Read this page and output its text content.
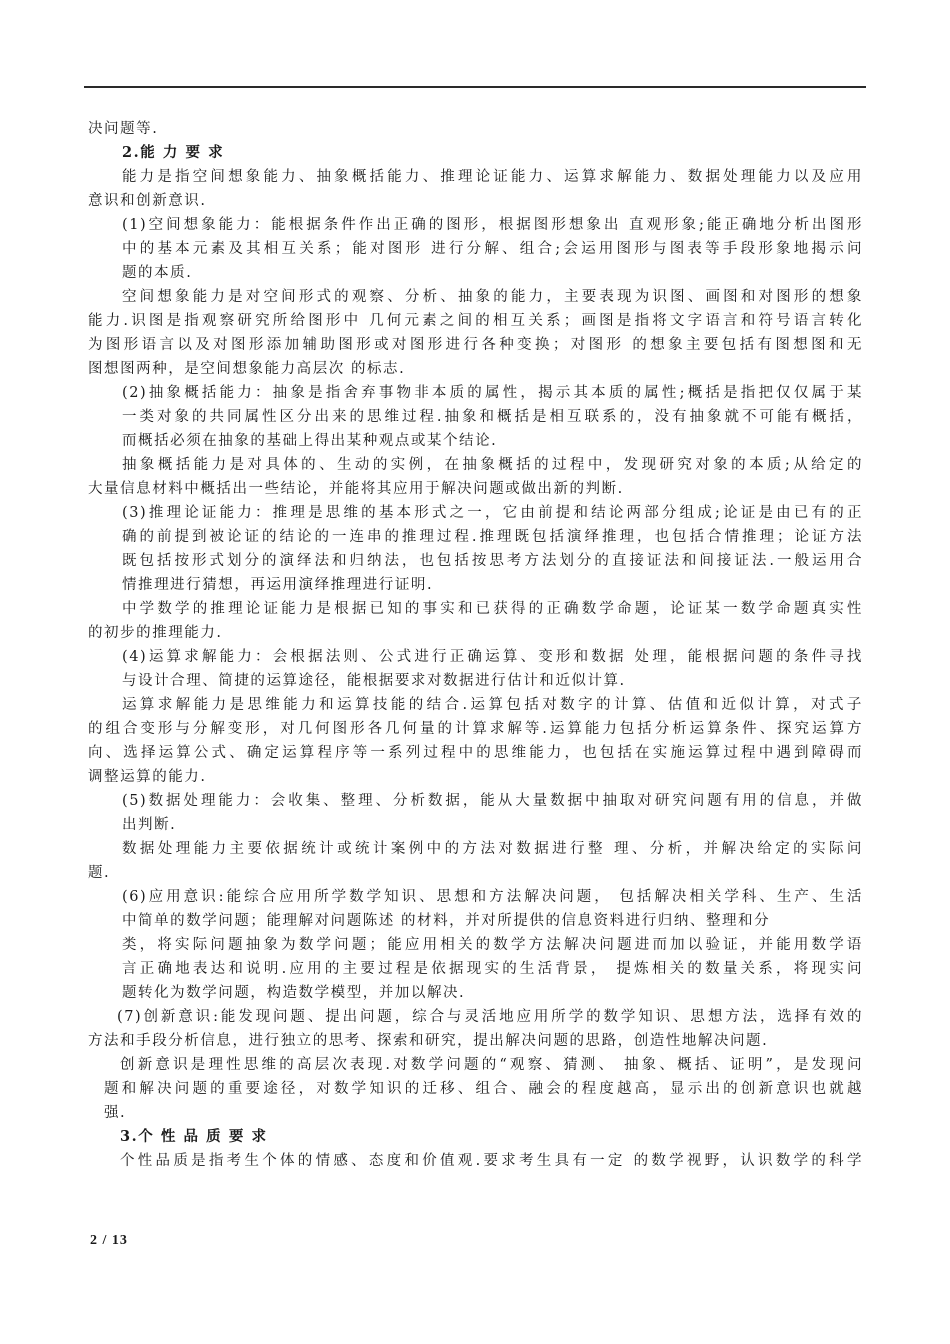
决问题等.
2.能 力 要 求
能力是指空间想象能力、抽象概括能力、推理论证能力、运算求解能力、数据处理能力以及应用
意识和创新意识.
(1)空间想象能力：能根据条件作出正确的图形，根据图形想象出 直观形象;能正确地分析出图形
中的基本元素及其相互关系；能对图形 进行分解、组合;会运用图形与图表等手段形象地揭示问
题的本质.
空间想象能力是对空间形式的观察、分析、抽象的能力，主要表现为识图、画图和对图形的想象
能力.识图是指观察研究所给图形中 几何元素之间的相互关系；画图是指将文字语言和符号语言转化
为图形语言以及对图形添加辅助图形或对图形进行各种变换；对图形 的想象主要包括有图想图和无
图想图两种，是空间想象能力高层次 的标志.
(2)抽象概括能力：抽象是指舍弃事物非本质的属性，揭示其本质的属性;概括是指把仅仅属于某
一类对象的共同属性区分出来的思维过程.抽象和概括是相互联系的，没有抽象就不可能有概括，
而概括必须在抽象的基础上得出某种观点或某个结论.
抽象概括能力是对具体的、生动的实例，在抽象概括的过程中，发现研究对象的本质;从给定的
大量信息材料中概括出一些结论，并能将其应用于解决问题或做出新的判断.
(3)推理论证能力：推理是思维的基本形式之一，它由前提和结论两部分组成;论证是由已有的正
确的前提到被论证的结论的一连串的推理过程.推理既包括演绎推理，也包括合情推理；论证方法
既包括按形式划分的演绎法和归纳法，也包括按思考方法划分的直接证法和间接证法.一般运用合
情推理进行猜想，再运用演绎推理进行证明.
中学数学的推理论证能力是根据已知的事实和已获得的正确数学命题，论证某一数学命题真实性
的初步的推理能力.
(4)运算求解能力：会根据法则、公式进行正确运算、变形和数据 处理，能根据问题的条件寻找
与设计合理、简捷的运算途径，能根据要求对数据进行估计和近似计算.
运算求解能力是思维能力和运算技能的结合.运算包括对数字的计算、估值和近似计算，对式子
的组合变形与分解变形，对几何图形各几何量的计算求解等.运算能力包括分析运算条件、探究运算方
向、选择运算公式、确定运算程序等一系列过程中的思维能力，也包括在实施运算过程中遇到障碍而
调整运算的能力.
(5)数据处理能力：会收集、整理、分析数据，能从大量数据中抽取对研究问题有用的信息，并做
出判断.
数据处理能力主要依据统计或统计案例中的方法对数据进行整 理、分析，并解决给定的实际问
题.
(6)应用意识:能综合应用所学数学知识、思想和方法解决问题， 包括解决相关学科、生产、生活
中简单的数学问题；能理解对问题陈述 的材料，并对所提供的信息资料进行归纳、整理和分
类，将实际问题抽象为数学问题；能应用相关的数学方法解决问题进而加以验证，并能用数学语
言正确地表达和说明.应用的主要过程是依据现实的生活背景， 提炼相关的数量关系，将现实问
题转化为数学问题，构造数学模型，并加以解决.
(7)创新意识:能发现问题、提出问题，综合与灵活地应用所学的数学知识、思想方法，选择有效的
方法和手段分析信息，进行独立的思考、探索和研究，提出解决问题的思路，创造性地解决问题.
创新意识是理性思维的高层次表现.对数学问题的“观察、猜测、 抽象、概括、证明”，是发现问
题和解决问题的重要途径，对数学知识的迁移、组合、融会的程度越高，显示出的创新意识也就越
强.
3.个 性 品 质 要 求
个性品质是指考生个体的情感、态度和价值观.要求考生具有一定 的数学视野，认识数学的科学
2 / 13
